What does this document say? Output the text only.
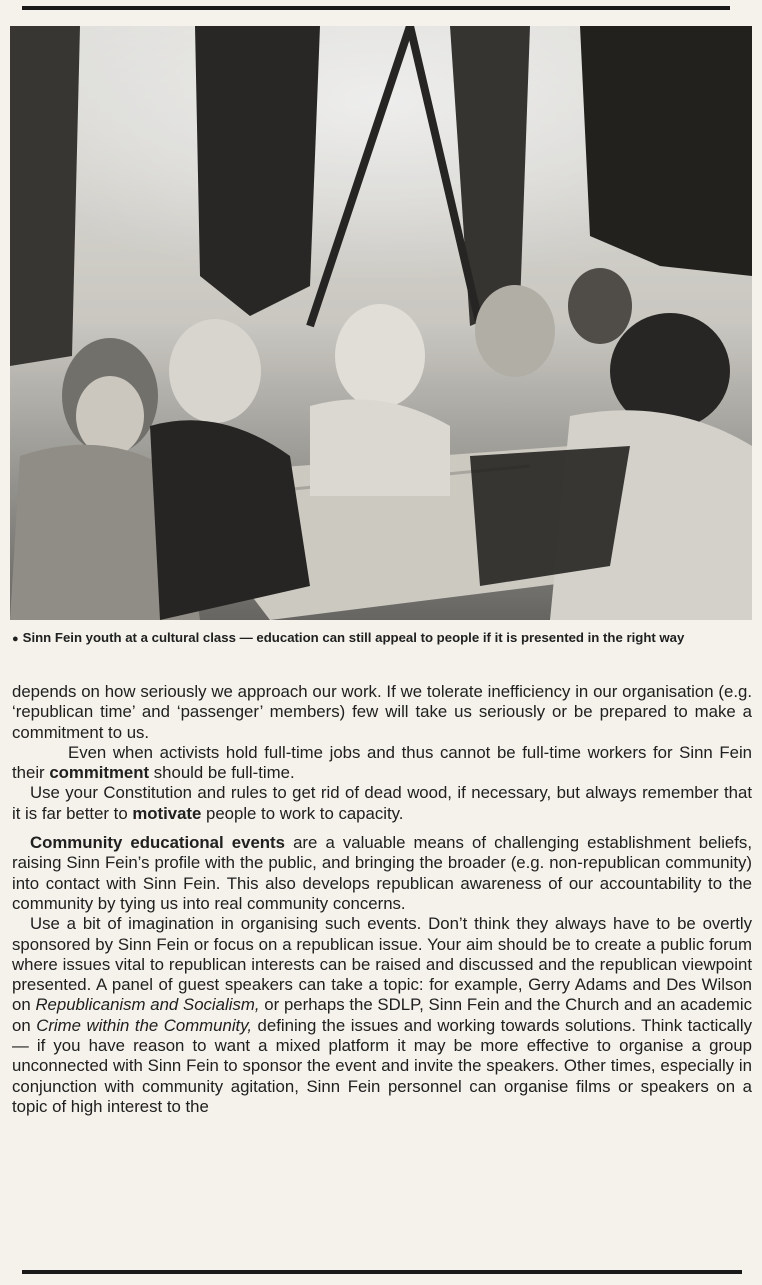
● Sinn Fein youth at a cultural class — education can still appeal to people if it is presented in the right way

depends on how seriously we approach our work. If we tolerate inefficiency in our organisation (e.g. ‘republican time’ and ‘passenger’ members) few will take us seriously or be prepared to make a commitment to us.

Even when activists hold full-time jobs and thus cannot be full-time workers for Sinn Fein their commitment should be full-time.

Use your Constitution and rules to get rid of dead wood, if necessary, but always remember that it is far better to motivate people to work to capacity.

Community educational events are a valuable means of challenging establishment beliefs, raising Sinn Fein’s profile with the public, and bringing the broader (e.g. non-republican community) into contact with Sinn Fein. This also develops republican awareness of our accountability to the community by tying us into real community concerns.

Use a bit of imagination in organising such events. Don’t think they always have to be overtly sponsored by Sinn Fein or focus on a republican issue. Your aim should be to create a public forum where issues vital to republican interests can be raised and discussed and the republican viewpoint presented. A panel of guest speakers can take a topic: for example, Gerry Adams and Des Wilson on Republicanism and Socialism, or perhaps the SDLP, Sinn Fein and the Church and an academic on Crime within the Community, defining the issues and working towards solutions. Think tactically — if you have reason to want a mixed platform it may be more effective to organise a group unconnected with Sinn Fein to sponsor the event and invite the speakers. Other times, especially in conjunction with community agitation, Sinn Fein personnel can organise films or speakers on a topic of high interest to the
